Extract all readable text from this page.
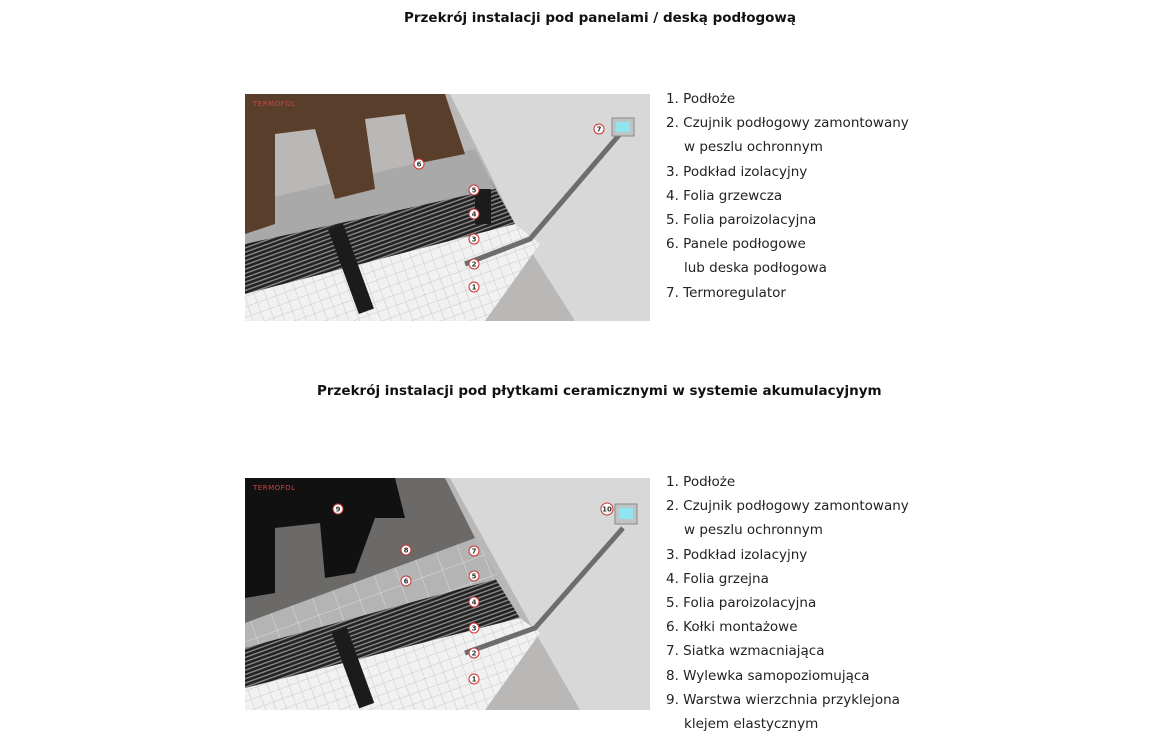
Przekrój instalacji pod panelami / deską podłogową
1
2
3
4
5
6
7
TERMOFOL	1. Podłoże
2. Czujnik podłogowy zamontowany
w peszlu ochronnym
3. Podkład izolacyjny
4. Folia grzewcza
5. Folia paroizolacyjna
6. Panele podłogowe
lub deska podłogowa
7. Termoregulator
Przekrój instalacji pod płytkami ceramicznymi w systemie akumulacyjnym
1
2
3
4
5
6
7
8
9	10
TERMOFOL	1. Podłoże
2. Czujnik podłogowy zamontowany
w peszlu ochronnym
3. Podkład izolacyjny
4. Folia grzejna
5. Folia paroizolacyjna
6. Kołki montażowe
7. Siatka wzmacniająca
8. Wylewka samopoziomująca
9. Warstwa wierzchnia przyklejona
klejem elastycznym
